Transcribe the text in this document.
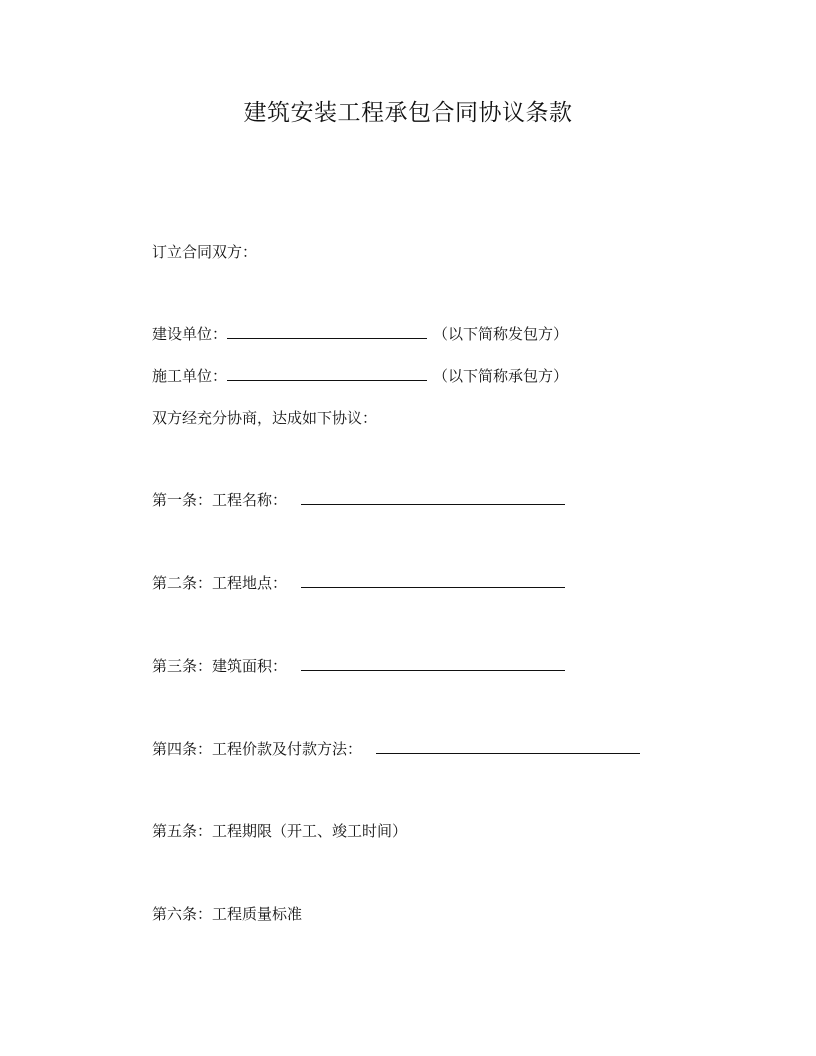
建筑安装工程承包合同协议条款
订立合同双方：
建设单位：	（以下简称发包方）
施工单位：	（以下简称承包方）
双方经充分协商，达成如下协议：
第一条：工程名称：
第二条：工程地点：
第三条：建筑面积：
第四条：工程价款及付款方法：
第五条：工程期限（开工、竣工时间）
第六条：工程质量标准
